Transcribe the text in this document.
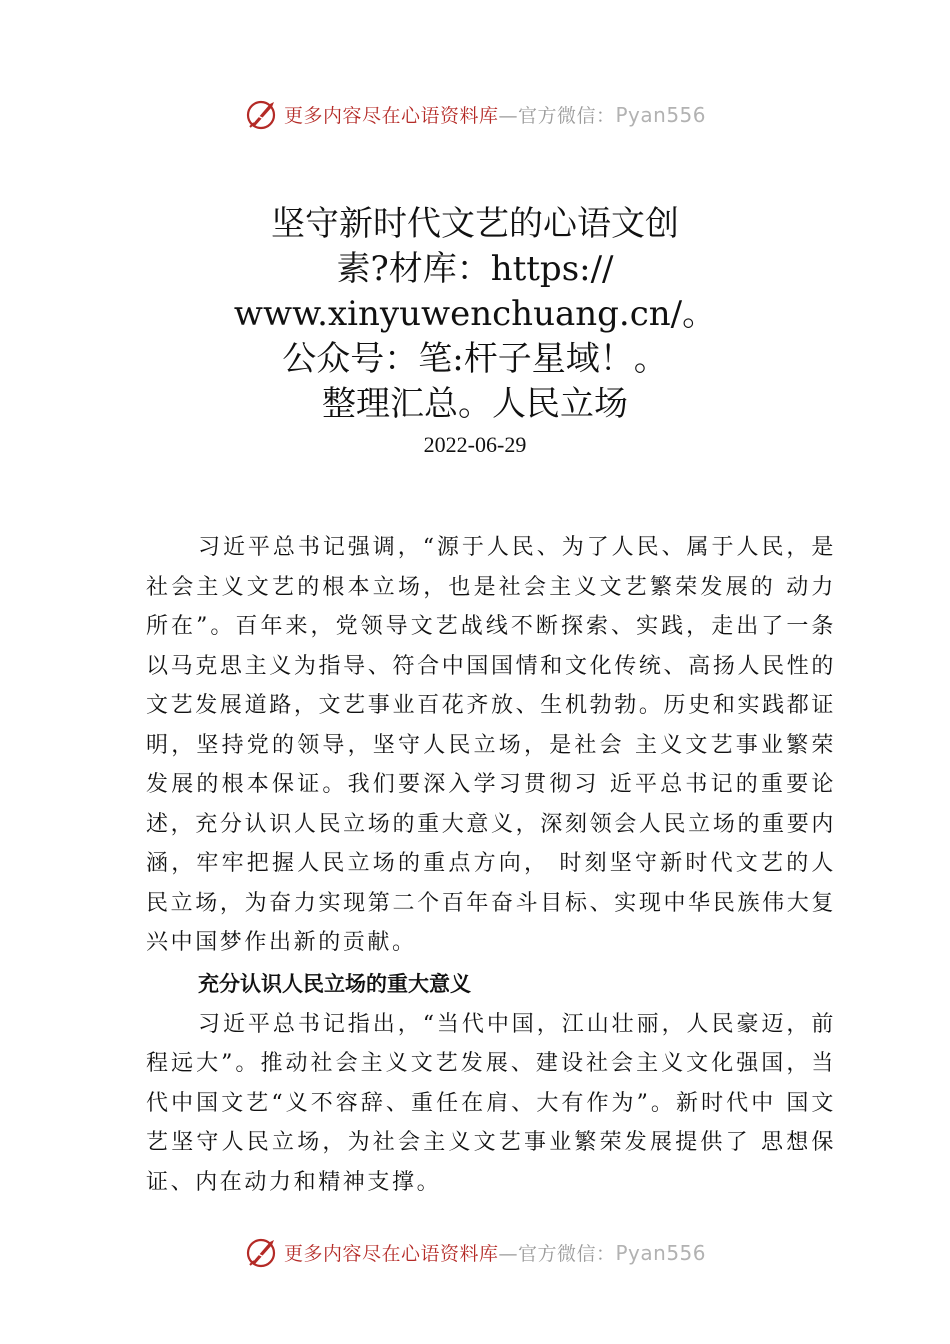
更多内容尽在心语资料库—官方微信：Pyan556
坚守新时代文艺的心语文创
素?材库：https://
www.xinyuwenchuang.cn/。
公众号：笔:杆子星域！。
整理汇总。人民立场
2022-06-29

习近平总书记强调，“源于人民、为了人民、属于人民，是社会主义文艺的根本立场，也是社会主义文艺繁荣发展的 动力所在”。百年来，党领导文艺战线不断探索、实践，走出了一条以马克思主义为指导、符合中国国情和文化传统、高扬人民性的文艺发展道路，文艺事业百花齐放、生机勃勃。历史和实践都证明，坚持党的领导，坚守人民立场，是社会 主义文艺事业繁荣发展的根本保证。我们要深入学习贯彻习 近平总书记的重要论述，充分认识人民立场的重大意义，深刻领会人民立场的重要内涵，牢牢把握人民立场的重点方向， 时刻坚守新时代文艺的人民立场，为奋力实现第二个百年奋斗目标、实现中华民族伟大复兴中国梦作出新的贡献。

充分认识人民立场的重大意义

习近平总书记指出，“当代中国，江山壮丽，人民豪迈，前程远大”。推动社会主义文艺发展、建设社会主义文化强国，当代中国文艺“义不容辞、重任在肩、大有作为”。新时代中 国文艺坚守人民立场，为社会主义文艺事业繁荣发展提供了 思想保证、内在动力和精神支撑。

更多内容尽在心语资料库—官方微信：Pyan556
